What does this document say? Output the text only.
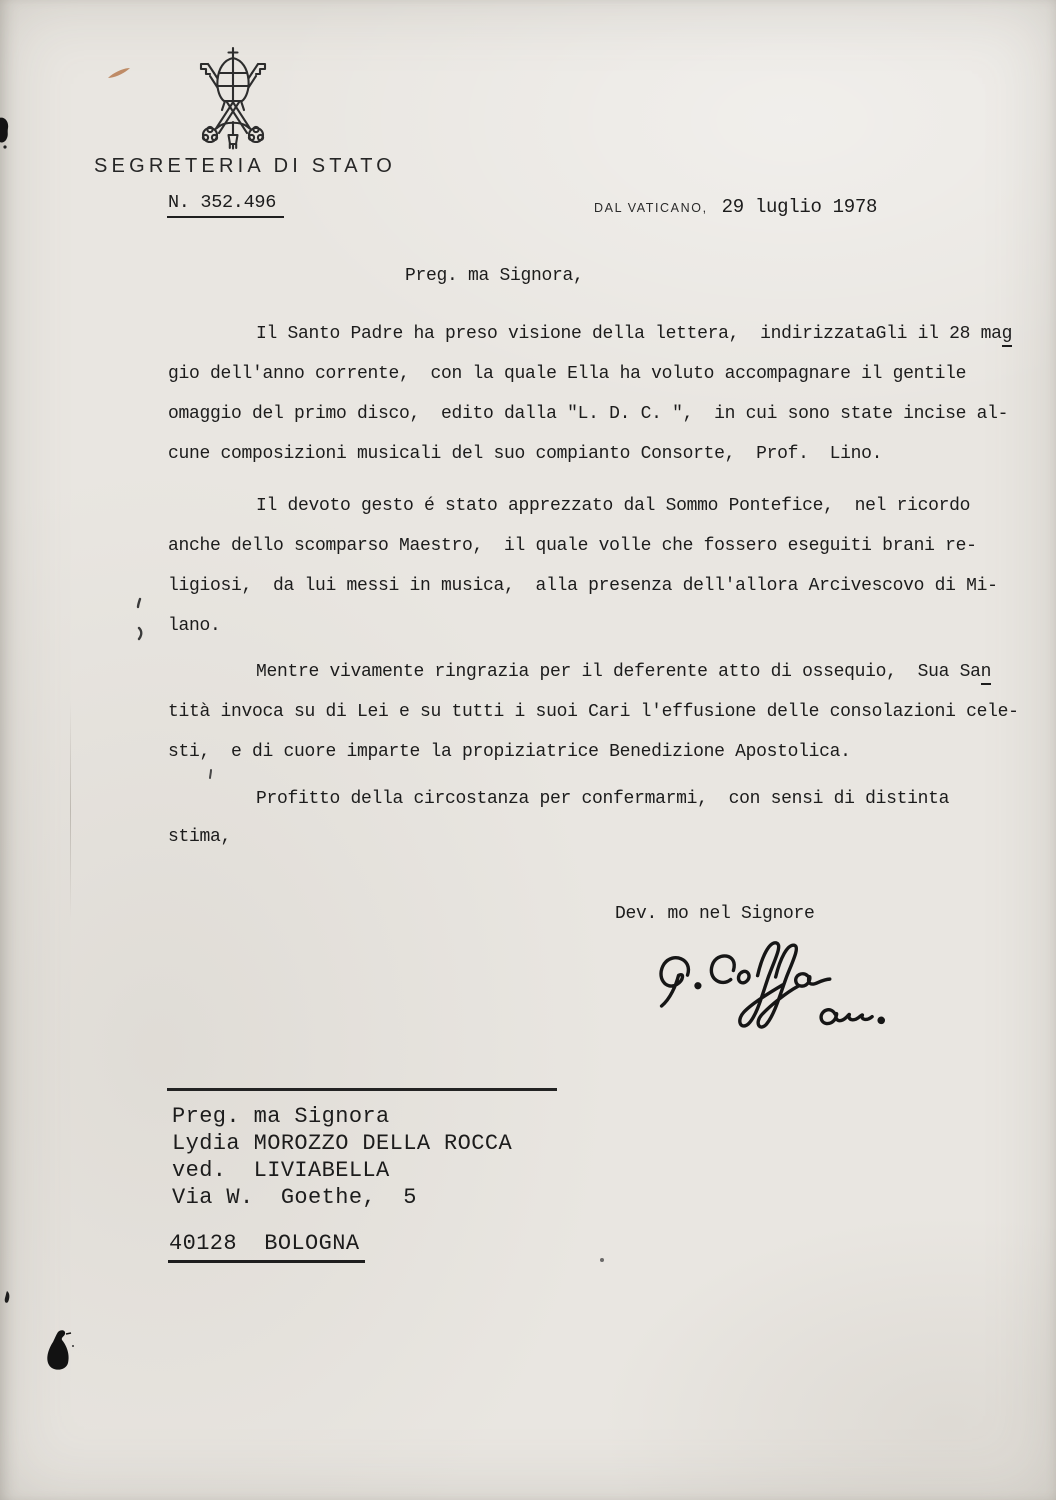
SEGRETERIA DI STATO
N. 352.496	DAL VATICANO, 29 luglio 1978
Preg. ma Signora,
Il Santo Padre ha preso visione della lettera,  indirizzataGli il 28 mag
gio dell'anno corrente,  con la quale Ella ha voluto accompagnare il gentile
omaggio del primo disco,  edito dalla "L. D. C. ",  in cui sono state incise al-
cune composizioni musicali del suo compianto Consorte,  Prof.  Lino.
Il devoto gesto é stato apprezzato dal Sommo Pontefice,  nel ricordo
anche dello scomparso Maestro,  il quale volle che fossero eseguiti brani re-
ligiosi,  da lui messi in musica,  alla presenza dell'allora Arcivescovo di Mi-
lano.
Mentre vivamente ringrazia per il deferente atto di ossequio,  Sua San
tità invoca su di Lei e su tutti i suoi Cari l'effusione delle consolazioni cele-
sti,  e di cuore imparte la propiziatrice Benedizione Apostolica.
Profitto della circostanza per confermarmi,  con sensi di distinta
stima,
Dev. mo nel Signore
Preg. ma Signora
Lydia MOROZZO DELLA ROCCA
ved.  LIVIABELLA
Via W.  Goethe,  5
40128  BOLOGNA
